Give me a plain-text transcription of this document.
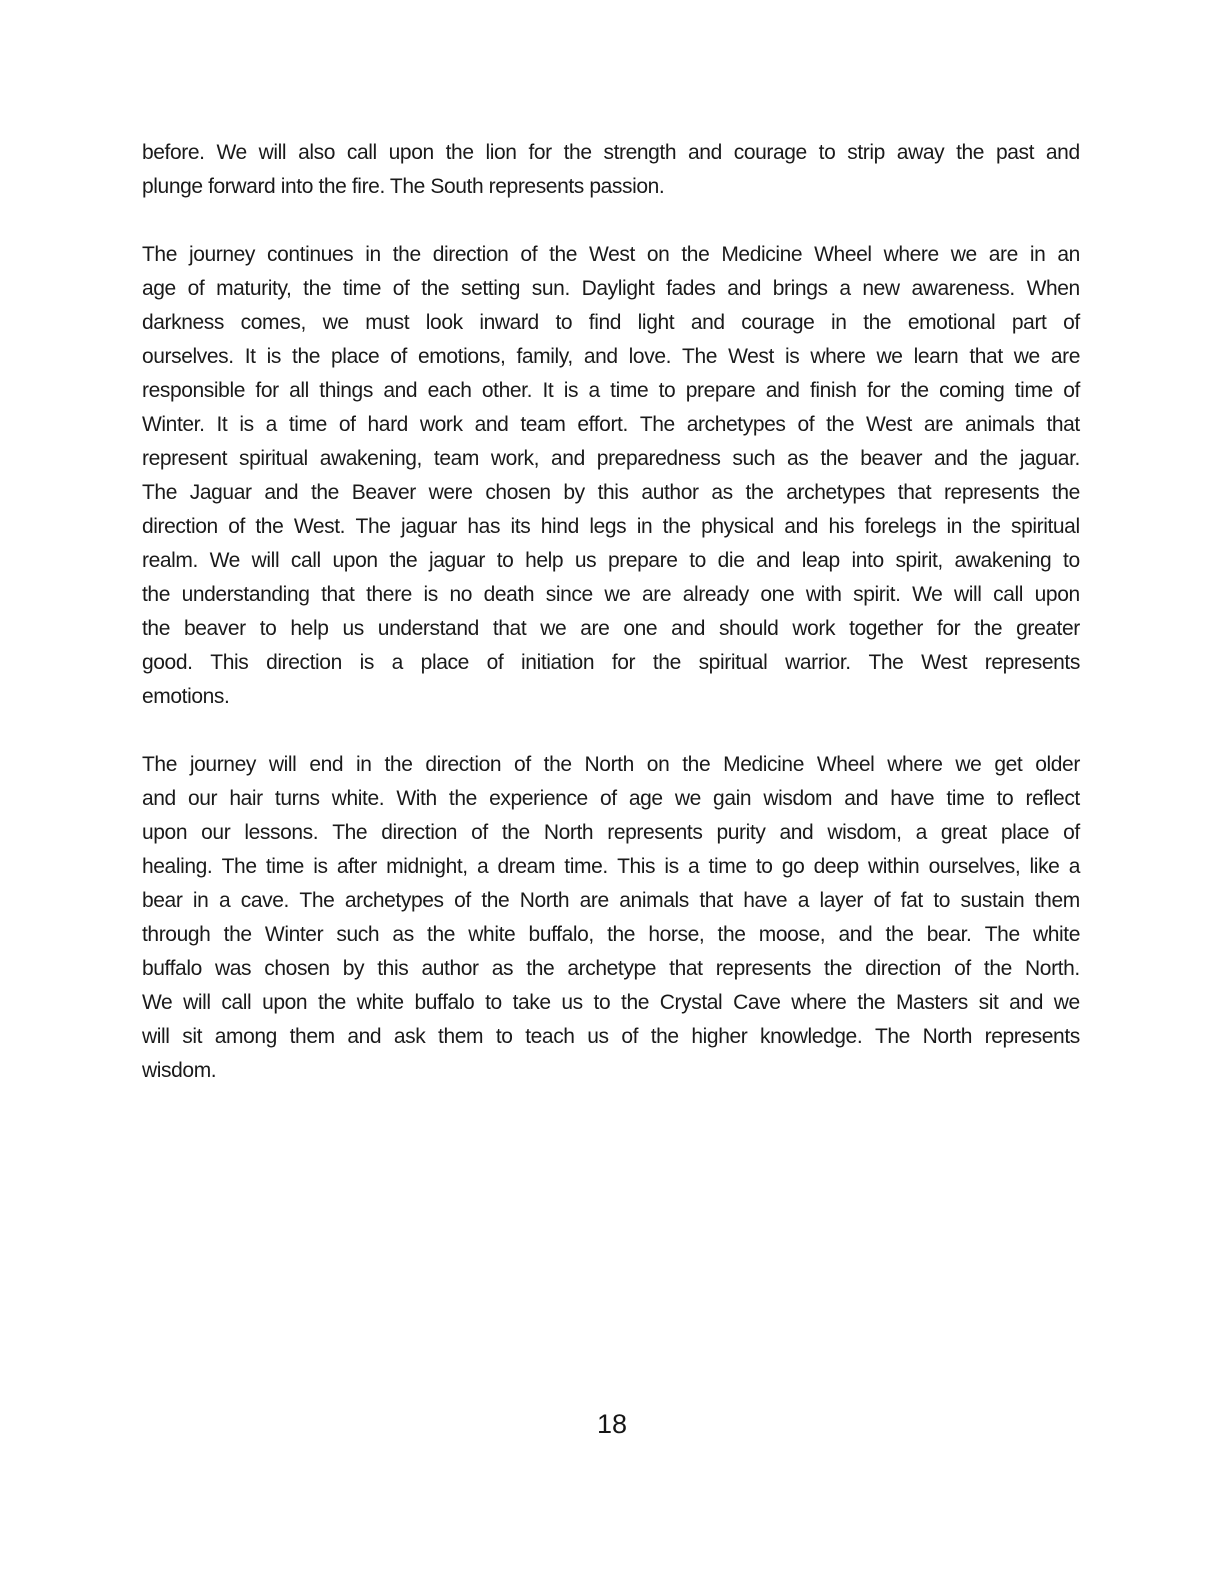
before. We will also call upon the lion for the strength and courage to strip away the past and
plunge forward into the fire. The South represents passion.
The journey continues in the direction of the West on the Medicine Wheel where we are in an
age of maturity, the time of the setting sun. Daylight fades and brings a new awareness. When
darkness comes, we must look inward to find light and courage in the emotional part of
ourselves. It is the place of emotions, family, and love. The West is where we learn that we are
responsible for all things and each other. It is a time to prepare and finish for the coming time of
Winter. It is a time of hard work and team effort. The archetypes of the West are animals that
represent spiritual awakening, team work, and preparedness such as the beaver and the jaguar.
The Jaguar and the Beaver were chosen by this author as the archetypes that represents the
direction of the West. The jaguar has its hind legs in the physical and his forelegs in the spiritual
realm. We will call upon the jaguar to help us prepare to die and leap into spirit, awakening to
the understanding that there is no death since we are already one with spirit. We will call upon
the beaver to help us understand that we are one and should work together for the greater
good. This direction is a place of initiation for the spiritual warrior. The West represents
emotions.
The journey will end in the direction of the North on the Medicine Wheel where we get older
and our hair turns white. With the experience of age we gain wisdom and have time to reflect
upon our lessons. The direction of the North represents purity and wisdom, a great place of
healing. The time is after midnight, a dream time. This is a time to go deep within ourselves, like a
bear in a cave. The archetypes of the North are animals that have a layer of fat to sustain them
through the Winter such as the white buffalo, the horse, the moose, and the bear. The white
buffalo was chosen by this author as the archetype that represents the direction of the North.
We will call upon the white buffalo to take us to the Crystal Cave where the Masters sit and we
will sit among them and ask them to teach us of the higher knowledge. The North represents
wisdom.
18
